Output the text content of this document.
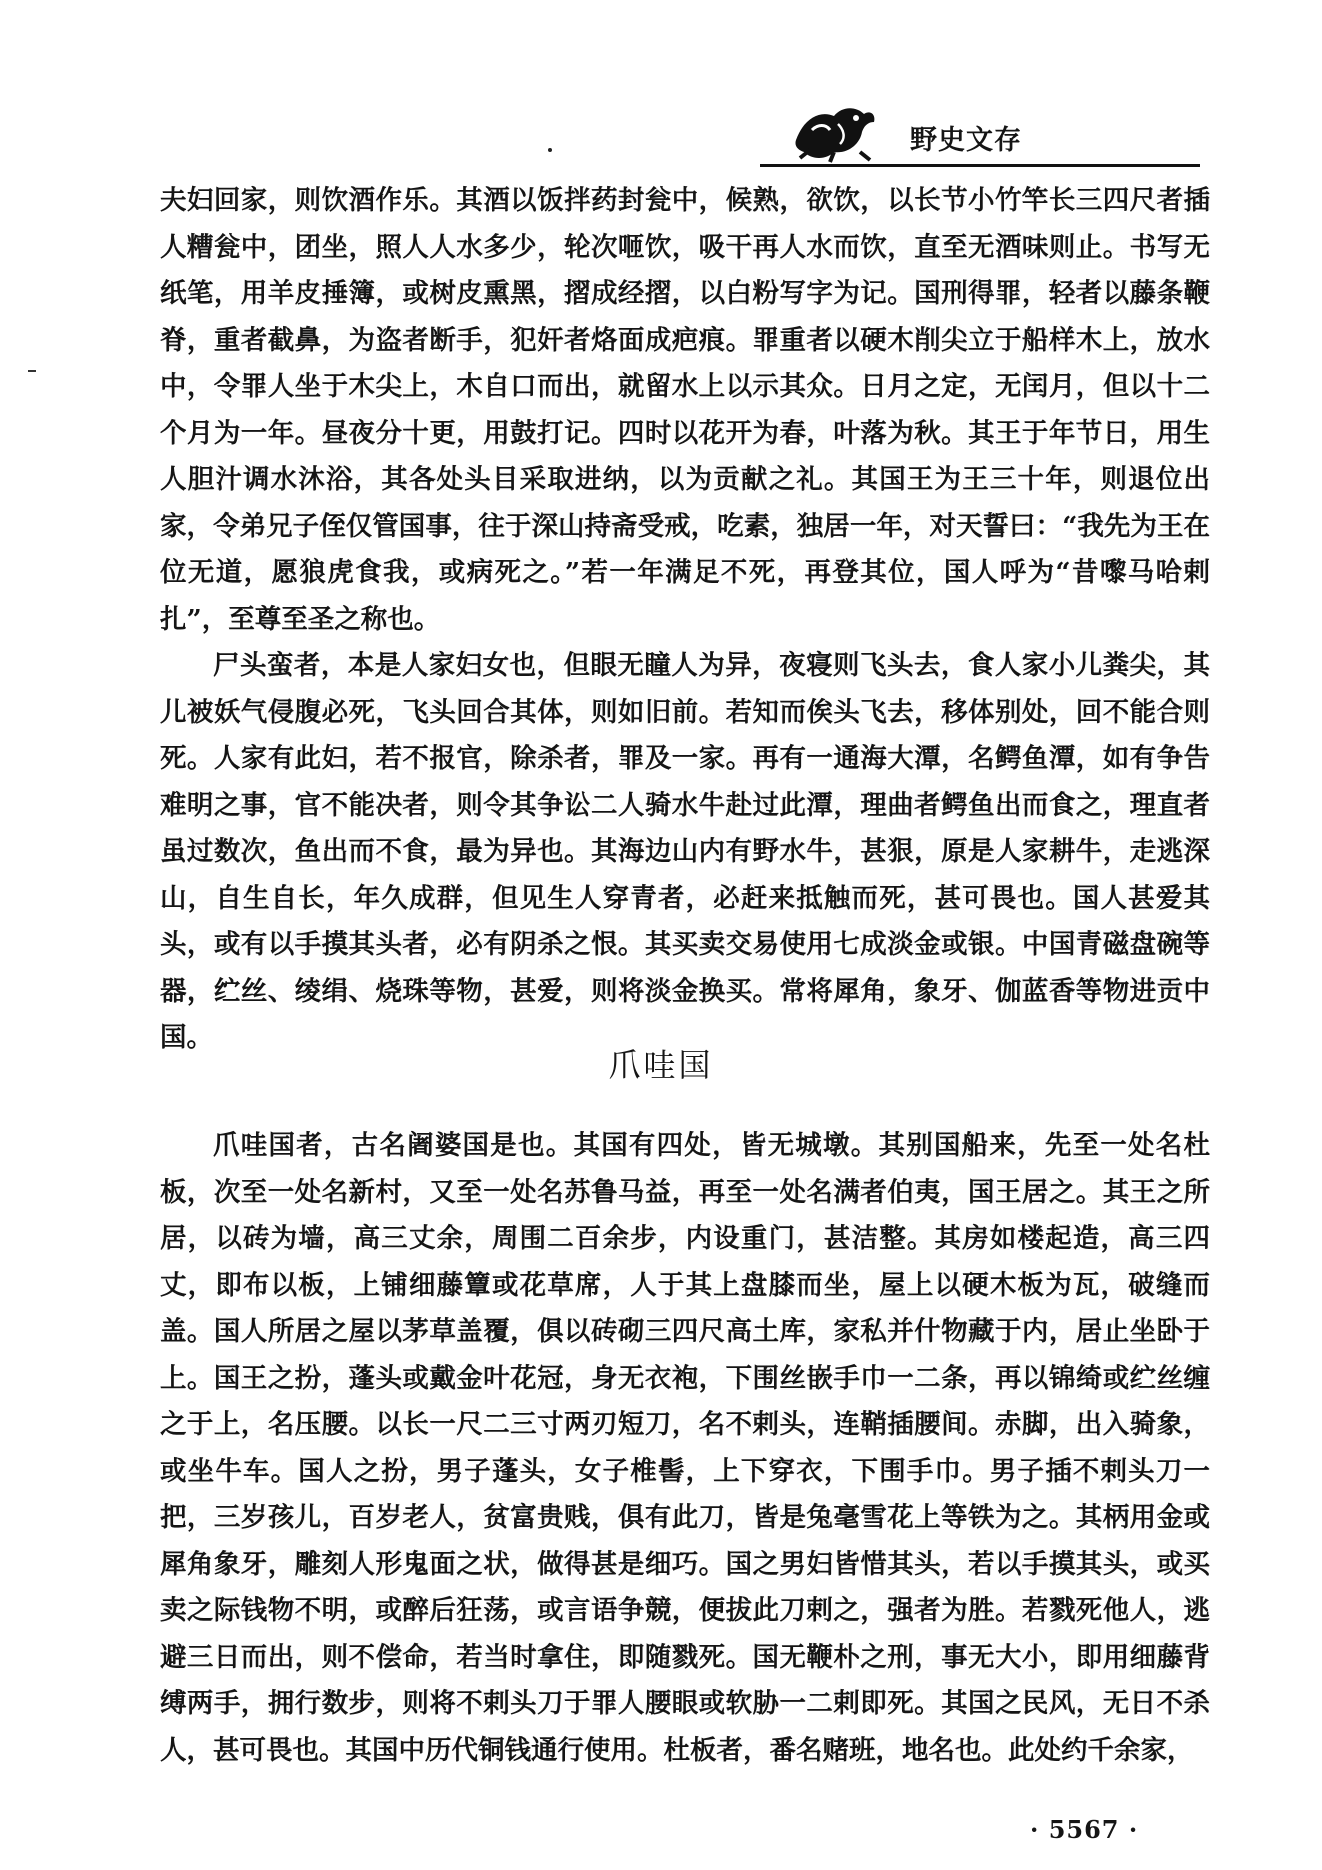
野史文存

夫妇回家，则饮酒作乐。其酒以饭拌药封瓮中，候熟，欲饮，以长节小竹竿长三四尺者插人糟瓮中，团坐，照人人水多少，轮次咂饮，吸干再人水而饮，直至无酒味则止。书写无纸笔，用羊皮捶簿，或树皮熏黑，摺成经摺，以白粉写字为记。国刑得罪，轻者以藤条鞭脊，重者截鼻，为盗者断手，犯奸者烙面成疤痕。罪重者以硬木削尖立于船样木上，放水中，令罪人坐于木尖上，木自口而出，就留水上以示其众。日月之定，无闰月，但以十二个月为一年。昼夜分十更，用鼓打记。四时以花开为春，叶落为秋。其王于年节日，用生人胆汁调水沐浴，其各处头目采取进纳，以为贡献之礼。其国王为王三十年，则退位出家，令弟兄子侄仅管国事，往于深山持斋受戒，吃素，独居一年，对天誓曰：“我先为王在位无道，愿狼虎食我，或病死之。”若一年满足不死，再登其位，国人呼为“昔嚟马哈剌扎”，至尊至圣之称也。

尸头蛮者，本是人家妇女也，但眼无瞳人为异，夜寝则飞头去，食人家小儿粪尖，其儿被妖气侵腹必死，飞头回合其体，则如旧前。若知而俟头飞去，移体别处，回不能合则死。人家有此妇，若不报官，除杀者，罪及一家。再有一通海大潭，名鳄鱼潭，如有争告难明之事，官不能决者，则令其争讼二人骑水牛赴过此潭，理曲者鳄鱼出而食之，理直者虽过数次，鱼出而不食，最为异也。其海边山内有野水牛，甚狠，原是人家耕牛，走逃深山，自生自长，年久成群，但见生人穿青者，必赶来抵触而死，甚可畏也。国人甚爱其头，或有以手摸其头者，必有阴杀之恨。其买卖交易使用七成淡金或银。中国青磁盘碗等器，纻丝、绫绢、烧珠等物，甚爱，则将淡金换买。常将犀角，象牙、伽蓝香等物进贡中国。

爪哇国

爪哇国者，古名阇婆国是也。其国有四处，皆无城墩。其别国船来，先至一处名杜板，次至一处名新村，又至一处名苏鲁马益，再至一处名满者伯夷，国王居之。其王之所居，以砖为墙，高三丈余，周围二百余步，内设重门，甚洁整。其房如楼起造，高三四丈，即布以板，上铺细藤簟或花草席，人于其上盘膝而坐，屋上以硬木板为瓦，破缝而盖。国人所居之屋以茅草盖覆，俱以砖砌三四尺高土库，家私并什物藏于内，居止坐卧于上。国王之扮，蓬头或戴金叶花冠，身无衣袍，下围丝嵌手巾一二条，再以锦绮或纻丝缠之于上，名压腰。以长一尺二三寸两刃短刀，名不剌头，连鞘插腰间。赤脚，出入骑象，或坐牛车。国人之扮，男子蓬头，女子椎髻，上下穿衣，下围手巾。男子插不剌头刀一把，三岁孩儿，百岁老人，贫富贵贱，俱有此刀，皆是兔毫雪花上等铁为之。其柄用金或犀角象牙，雕刻人形鬼面之状，做得甚是细巧。国之男妇皆惜其头，若以手摸其头，或买卖之际钱物不明，或醉后狂荡，或言语争競，便拔此刀剌之，强者为胜。若戮死他人，逃避三日而出，则不偿命，若当时拿住，即随戮死。国无鞭朴之刑，事无大小，即用细藤背缚两手，拥行数步，则将不剌头刀于罪人腰眼或软胁一二剌即死。其国之民风，无日不杀人，甚可畏也。其国中历代铜钱通行使用。杜板者，番名赌班，地名也。此处约千余家，

· 5567 ·
